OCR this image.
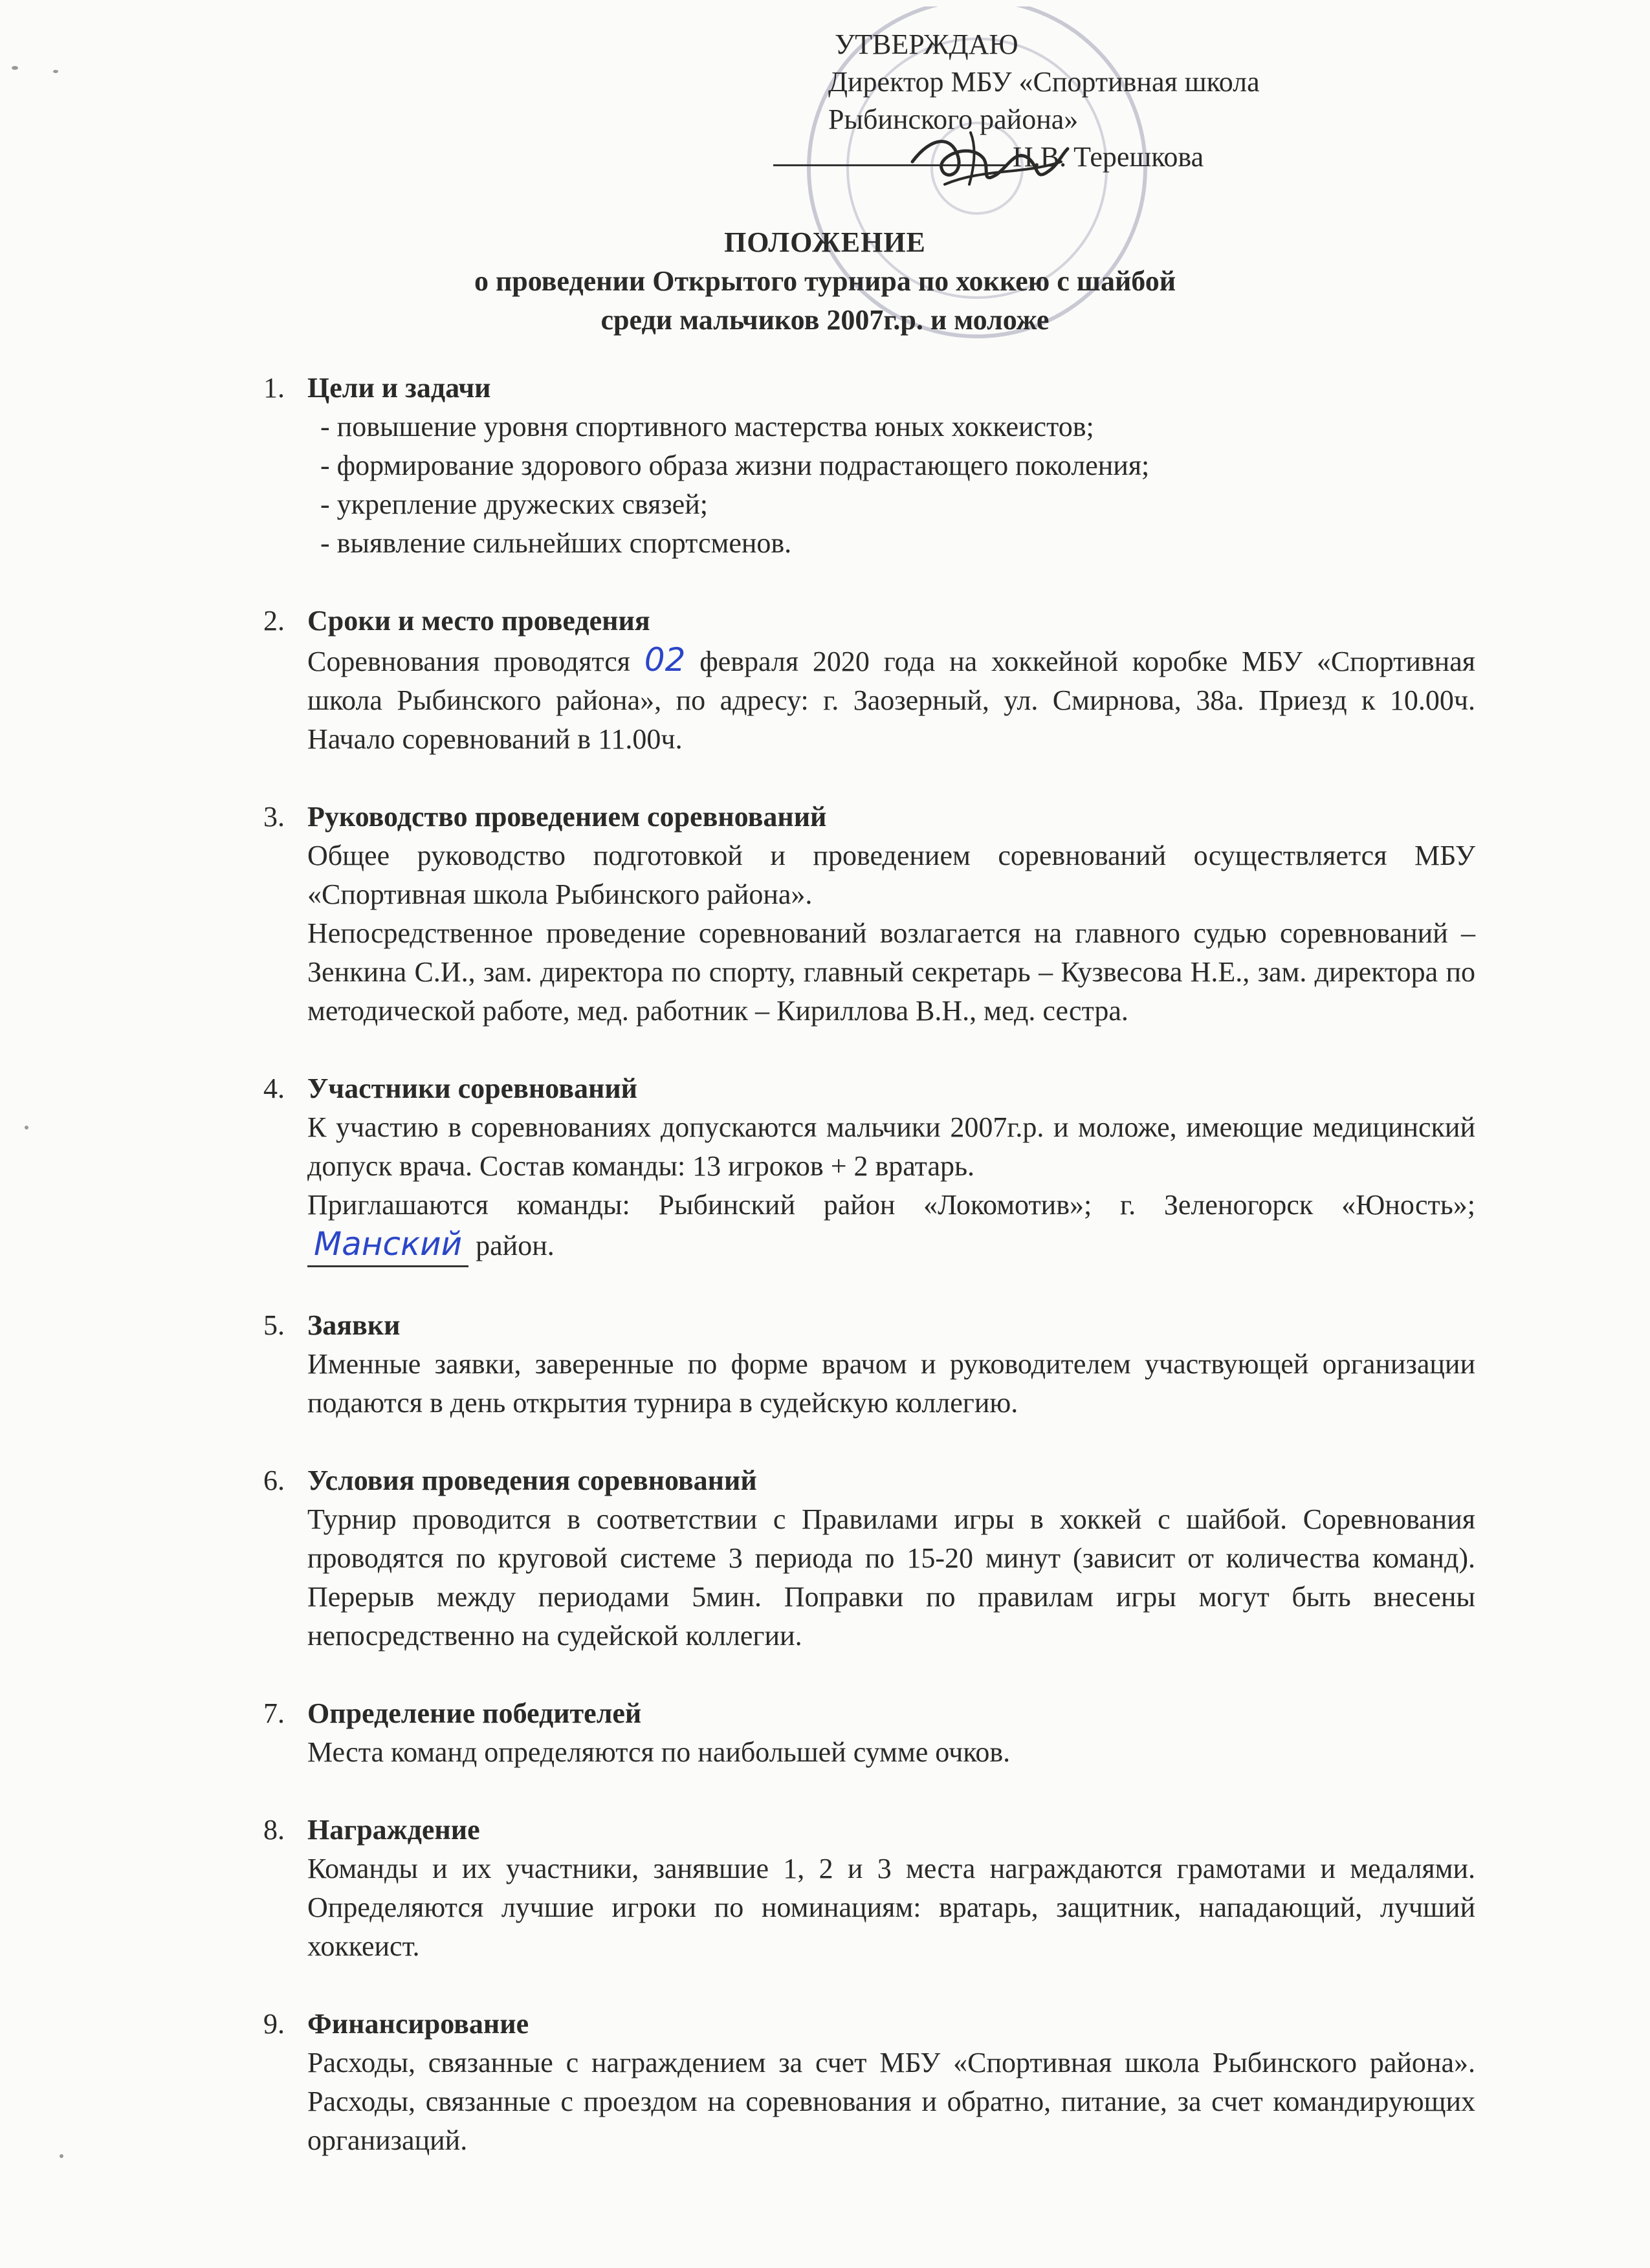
УТВЕРЖДАЮ
Директор МБУ «Спортивная школа
Рыбинского района»
Н.В. Терешкова
ПОЛОЖЕНИЕ
о проведении Открытого турнира по хоккею с шайбой
среди мальчиков 2007г.р. и моложе
1. Цели и задачи
- повышение уровня спортивного мастерства юных хоккеистов;
- формирование здорового образа жизни подрастающего поколения;
- укрепление дружеских связей;
- выявление сильнейших спортсменов.
2. Сроки и место проведения

Соревнования проводятся 02 февраля 2020 года на хоккейной коробке МБУ «Спортивная школа Рыбинского района», по адресу: г. Заозерный, ул. Смирнова, 38а. Приезд к 10.00ч. Начало соревнований в 11.00ч.

3. Руководство проведением соревнований

Общее руководство подготовкой и проведением соревнований осуществляется МБУ «Спортивная школа Рыбинского района».

Непосредственное проведение соревнований возлагается на главного судью соревнований – Зенкина С.И., зам. директора по спорту, главный секретарь – Кузвесова Н.Е., зам. директора по методической работе, мед. работник – Кириллова В.Н., мед. сестра.

4. Участники соревнований

К участию в соревнованиях допускаются мальчики 2007г.р. и моложе, имеющие медицинский допуск врача. Состав команды: 13 игроков + 2 вратарь.

Приглашаются команды: Рыбинский район «Локомотив»; г. Зеленогорск «Юность»; Манский район.

5. Заявки

Именные заявки, заверенные по форме врачом и руководителем участвующей организации подаются в день открытия турнира в судейскую коллегию.

6. Условия проведения соревнований

Турнир проводится в соответствии с Правилами игры в хоккей с шайбой. Соревнования проводятся по круговой системе 3 периода по 15-20 минут (зависит от количества команд). Перерыв между периодами 5мин. Поправки по правилам игры могут быть внесены непосредственно на судейской коллегии.

7. Определение победителей

Места команд определяются по наибольшей сумме очков.

8. Награждение

Команды и их участники, занявшие 1, 2 и 3 места награждаются грамотами и медалями. Определяются лучшие игроки по номинациям: вратарь, защитник, нападающий, лучший хоккеист.

9. Финансирование

Расходы, связанные с награждением за счет МБУ «Спортивная школа Рыбинского района». Расходы, связанные с проездом на соревнования и обратно, питание, за счет командирующих организаций.
